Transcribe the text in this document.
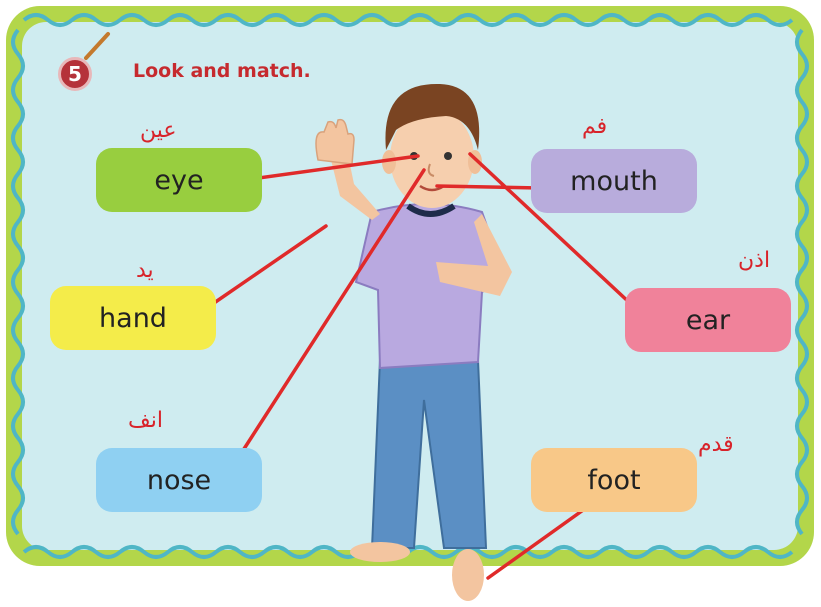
5	Look and match.
eye
hand
nose
mouth
ear
foot
عين
يد
انف
فم
اذن
قدم
